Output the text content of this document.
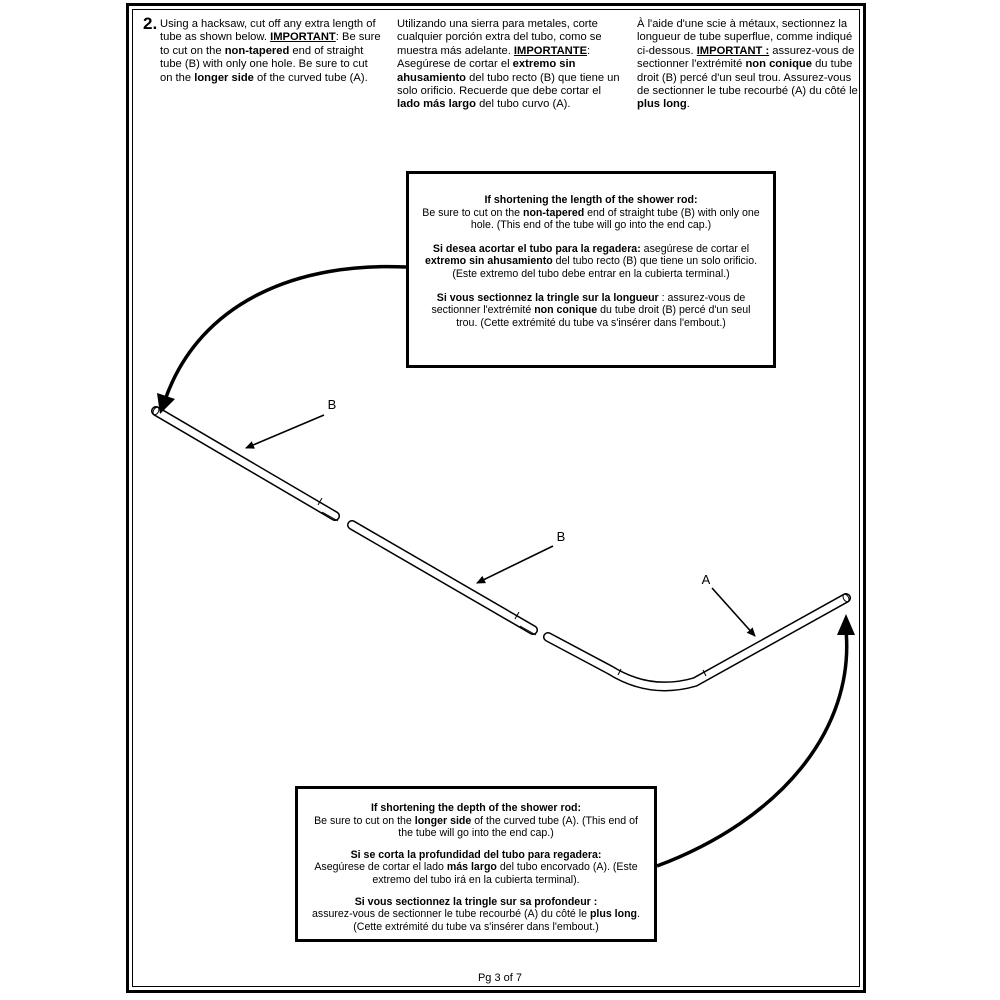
2. Using a hacksaw, cut off any extra length of tube as shown below. IMPORTANT: Be sure to cut on the non-tapered end of straight tube (B) with only one hole. Be sure to cut on the longer side of the curved tube (A).
Utilizando una sierra para metales, corte cualquier porción extra del tubo, como se muestra más adelante. IMPORTANTE: Asegúrese de cortar el extremo sin ahusamiento del tubo recto (B) que tiene un solo orificio. Recuerde que debe cortar el lado más largo del tubo curvo (A).
À l'aide d'une scie à métaux, sectionnez la longueur de tube superflue, comme indiqué ci-dessous. IMPORTANT : assurez-vous de sectionner l'extrémité non conique du tube droit (B) percé d'un seul trou. Assurez-vous de sectionner le tube recourbé (A) du côté le plus long.
B
B
A

If shortening the length of the shower rod:
Be sure to cut on the non-tapered end of straight tube (B) with only one hole. (This end of the tube will go into the end cap.)

Si desea acortar el tubo para la regadera: asegúrese de cortar el extremo sin ahusamiento del tubo recto (B) que tiene un solo orificio. (Este extremo del tubo debe entrar en la cubierta terminal.)

Si vous sectionnez la tringle sur la longueur : assurez-vous de sectionner l'extrémité non conique du tube droit (B) percé d'un seul trou. (Cette extrémité du tube va s'insérer dans l'embout.)

If shortening the depth of the shower rod:
Be sure to cut on the longer side of the curved tube (A). (This end of the tube will go into the end cap.)

Si se corta la profundidad del tubo para regadera:
Asegúrese de cortar el lado más largo del tubo encorvado (A). (Este extremo del tubo irá en la cubierta terminal).

Si vous sectionnez la tringle sur sa profondeur :
assurez-vous de sectionner le tube recourbé (A) du côté le plus long. (Cette extrémité du tube va s'insérer dans l'embout.)

Pg 3 of 7
